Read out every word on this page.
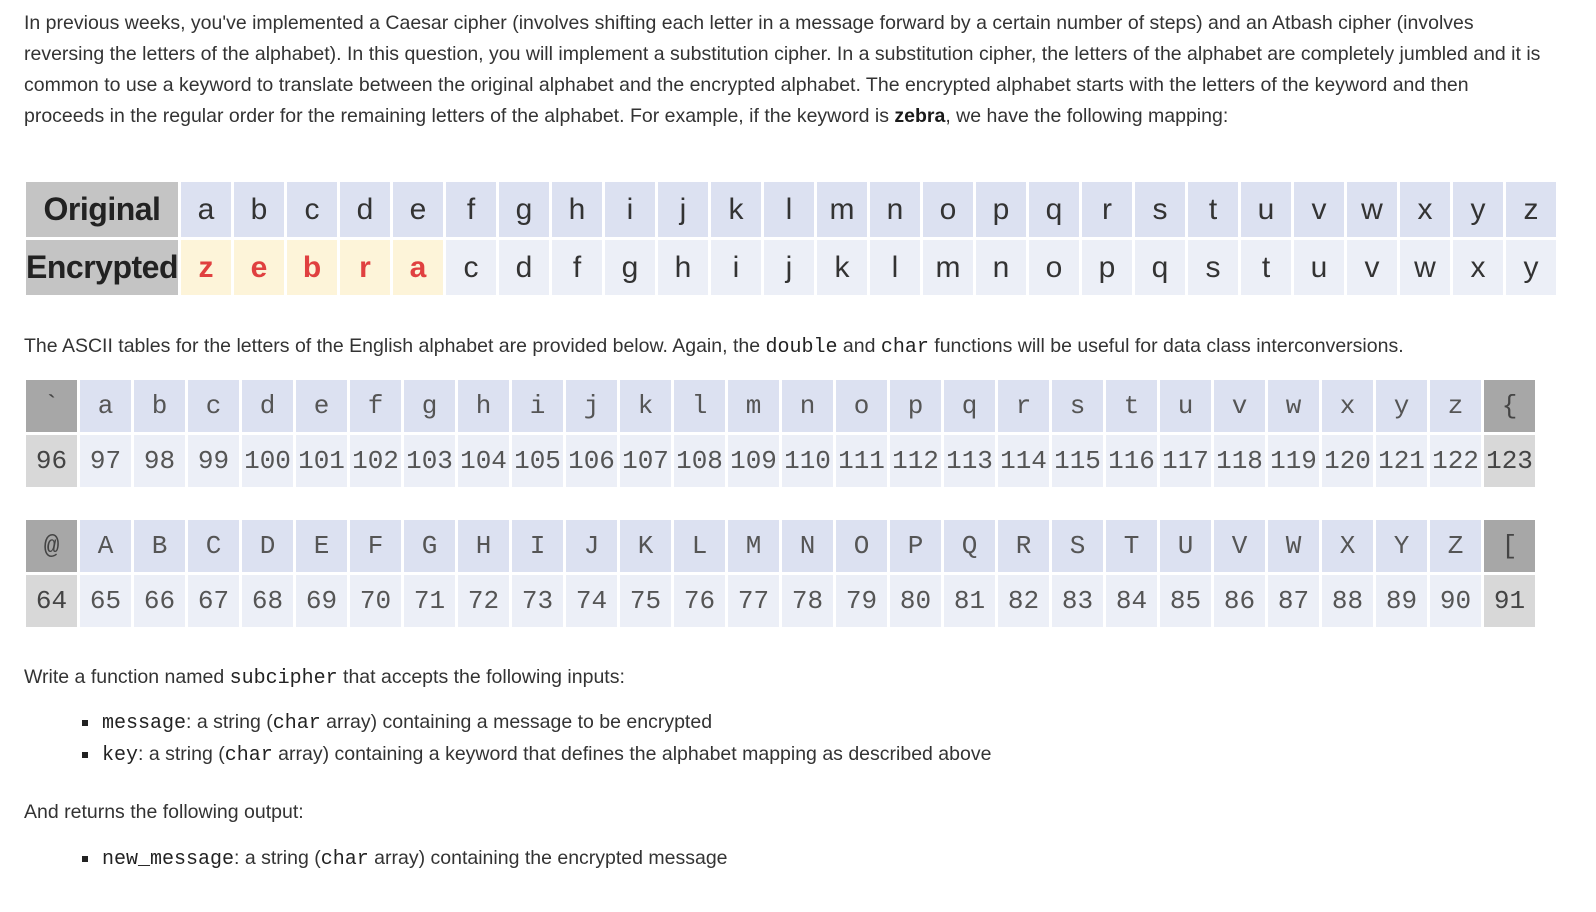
In previous weeks, you've implemented a Caesar cipher (involves shifting each letter in a message forward by a certain number of steps) and an Atbash cipher (involves reversing the letters of the alphabet). In this question, you will implement a substitution cipher. In a substitution cipher, the letters of the alphabet are completely jumbled and it is common to use a keyword to translate between the original alphabet and the encrypted alphabet. The encrypted alphabet starts with the letters of the keyword and then proceeds in the regular order for the remaining letters of the alphabet. For example, if the keyword is zebra, we have the following mapping:

Original	a	b	c	d	e	f	g	h	i	j	k	l	m	n	o	p	q	r	s	t	u	v	w	x	y	z
Encrypted	z	e	b	r	a	c	d	f	g	h	i	j	k	l	m	n	o	p	q	s	t	u	v	w	x	y

The ASCII tables for the letters of the English alphabet are provided below. Again, the double and char functions will be useful for data class interconversions.

`	a	b	c	d	e	f	g	h	i	j	k	l	m	n	o	p	q	r	s	t	u	v	w	x	y	z	{
96	97	98	99	100	101	102	103	104	105	106	107	108	109	110	111	112	113	114	115	116	117	118	119	120	121	122	123
@	A	B	C	D	E	F	G	H	I	J	K	L	M	N	O	P	Q	R	S	T	U	V	W	X	Y	Z	[
64	65	66	67	68	69	70	71	72	73	74	75	76	77	78	79	80	81	82	83	84	85	86	87	88	89	90	91

Write a function named subcipher that accepts the following inputs:

message: a string (char array) containing a message to be encrypted
key: a string (char array) containing a keyword that defines the alphabet mapping as described above

And returns the following output:

new_message: a string (char array) containing the encrypted message
